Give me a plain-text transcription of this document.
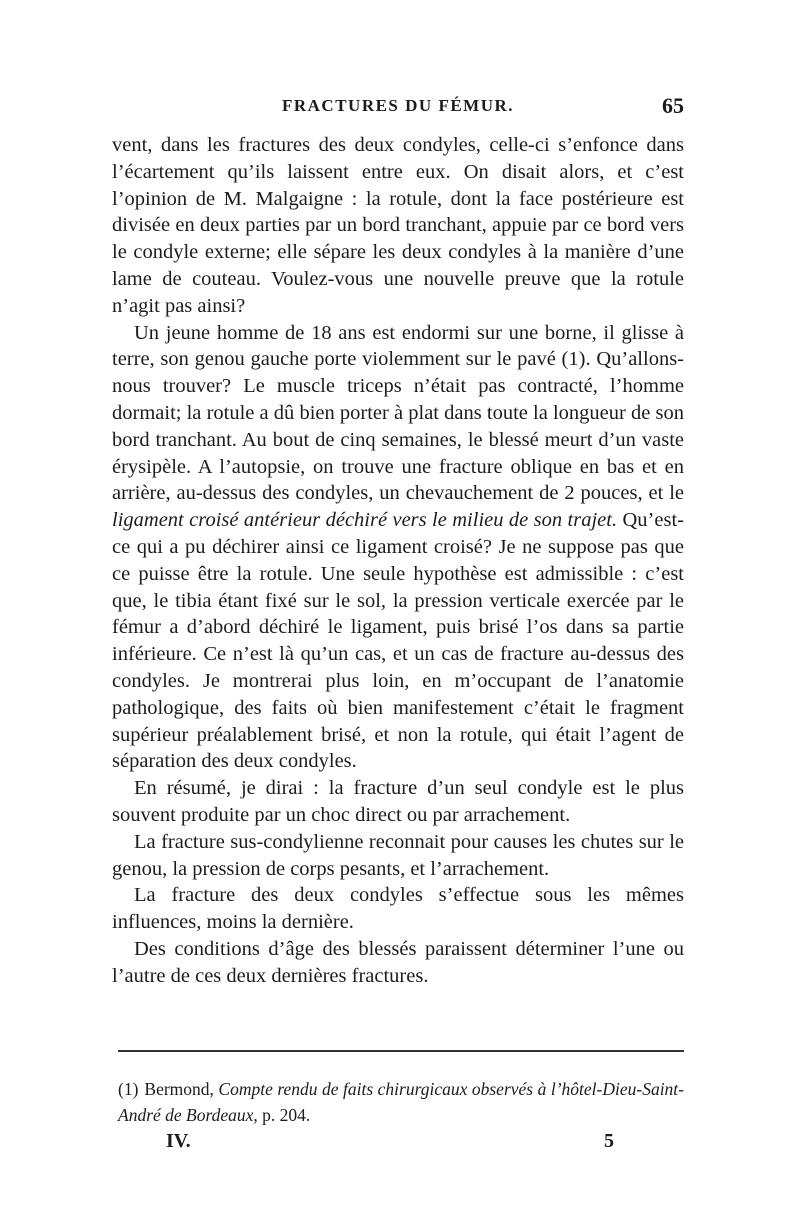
FRACTURES DU FÉMUR.	65

vent, dans les fractures des deux condyles, celle-ci s’enfonce dans l’écartement qu’ils laissent entre eux. On disait alors, et c’est l’opinion de M. Malgaigne : la rotule, dont la face postérieure est divisée en deux parties par un bord tranchant, appuie par ce bord vers le condyle externe; elle sépare les deux condyles à la manière d’une lame de couteau. Voulez-vous une nouvelle preuve que la rotule n’agit pas ainsi?

Un jeune homme de 18 ans est endormi sur une borne, il glisse à terre, son genou gauche porte violemment sur le pavé (1). Qu’allons-nous trouver? Le muscle triceps n’était pas contracté, l’homme dormait; la rotule a dû bien porter à plat dans toute la longueur de son bord tranchant. Au bout de cinq semaines, le blessé meurt d’un vaste érysipèle. A l’autopsie, on trouve une fracture oblique en bas et en arrière, au-dessus des condyles, un chevauchement de 2 pouces, et le ligament croisé antérieur déchiré vers le milieu de son trajet. Qu’est-ce qui a pu déchirer ainsi ce ligament croisé? Je ne suppose pas que ce puisse être la rotule. Une seule hypothèse est admissible : c’est que, le tibia étant fixé sur le sol, la pression verticale exercée par le fémur a d’abord déchiré le ligament, puis brisé l’os dans sa partie inférieure. Ce n’est là qu’un cas, et un cas de fracture au-dessus des condyles. Je montrerai plus loin, en m’occupant de l’anatomie pathologique, des faits où bien manifestement c’était le fragment supérieur préalablement brisé, et non la rotule, qui était l’agent de séparation des deux condyles.

En résumé, je dirai : la fracture d’un seul condyle est le plus souvent produite par un choc direct ou par arrachement.

La fracture sus-condylienne reconnait pour causes les chutes sur le genou, la pression de corps pesants, et l’arrachement.

La fracture des deux condyles s’effectue sous les mêmes influences, moins la dernière.

Des conditions d’âge des blessés paraissent déterminer l’une ou l’autre de ces deux dernières fractures.

(1) Bermond, Compte rendu de faits chirurgicaux observés à l’hôtel-Dieu-Saint-André de Bordeaux, p. 204.
IV.	5
